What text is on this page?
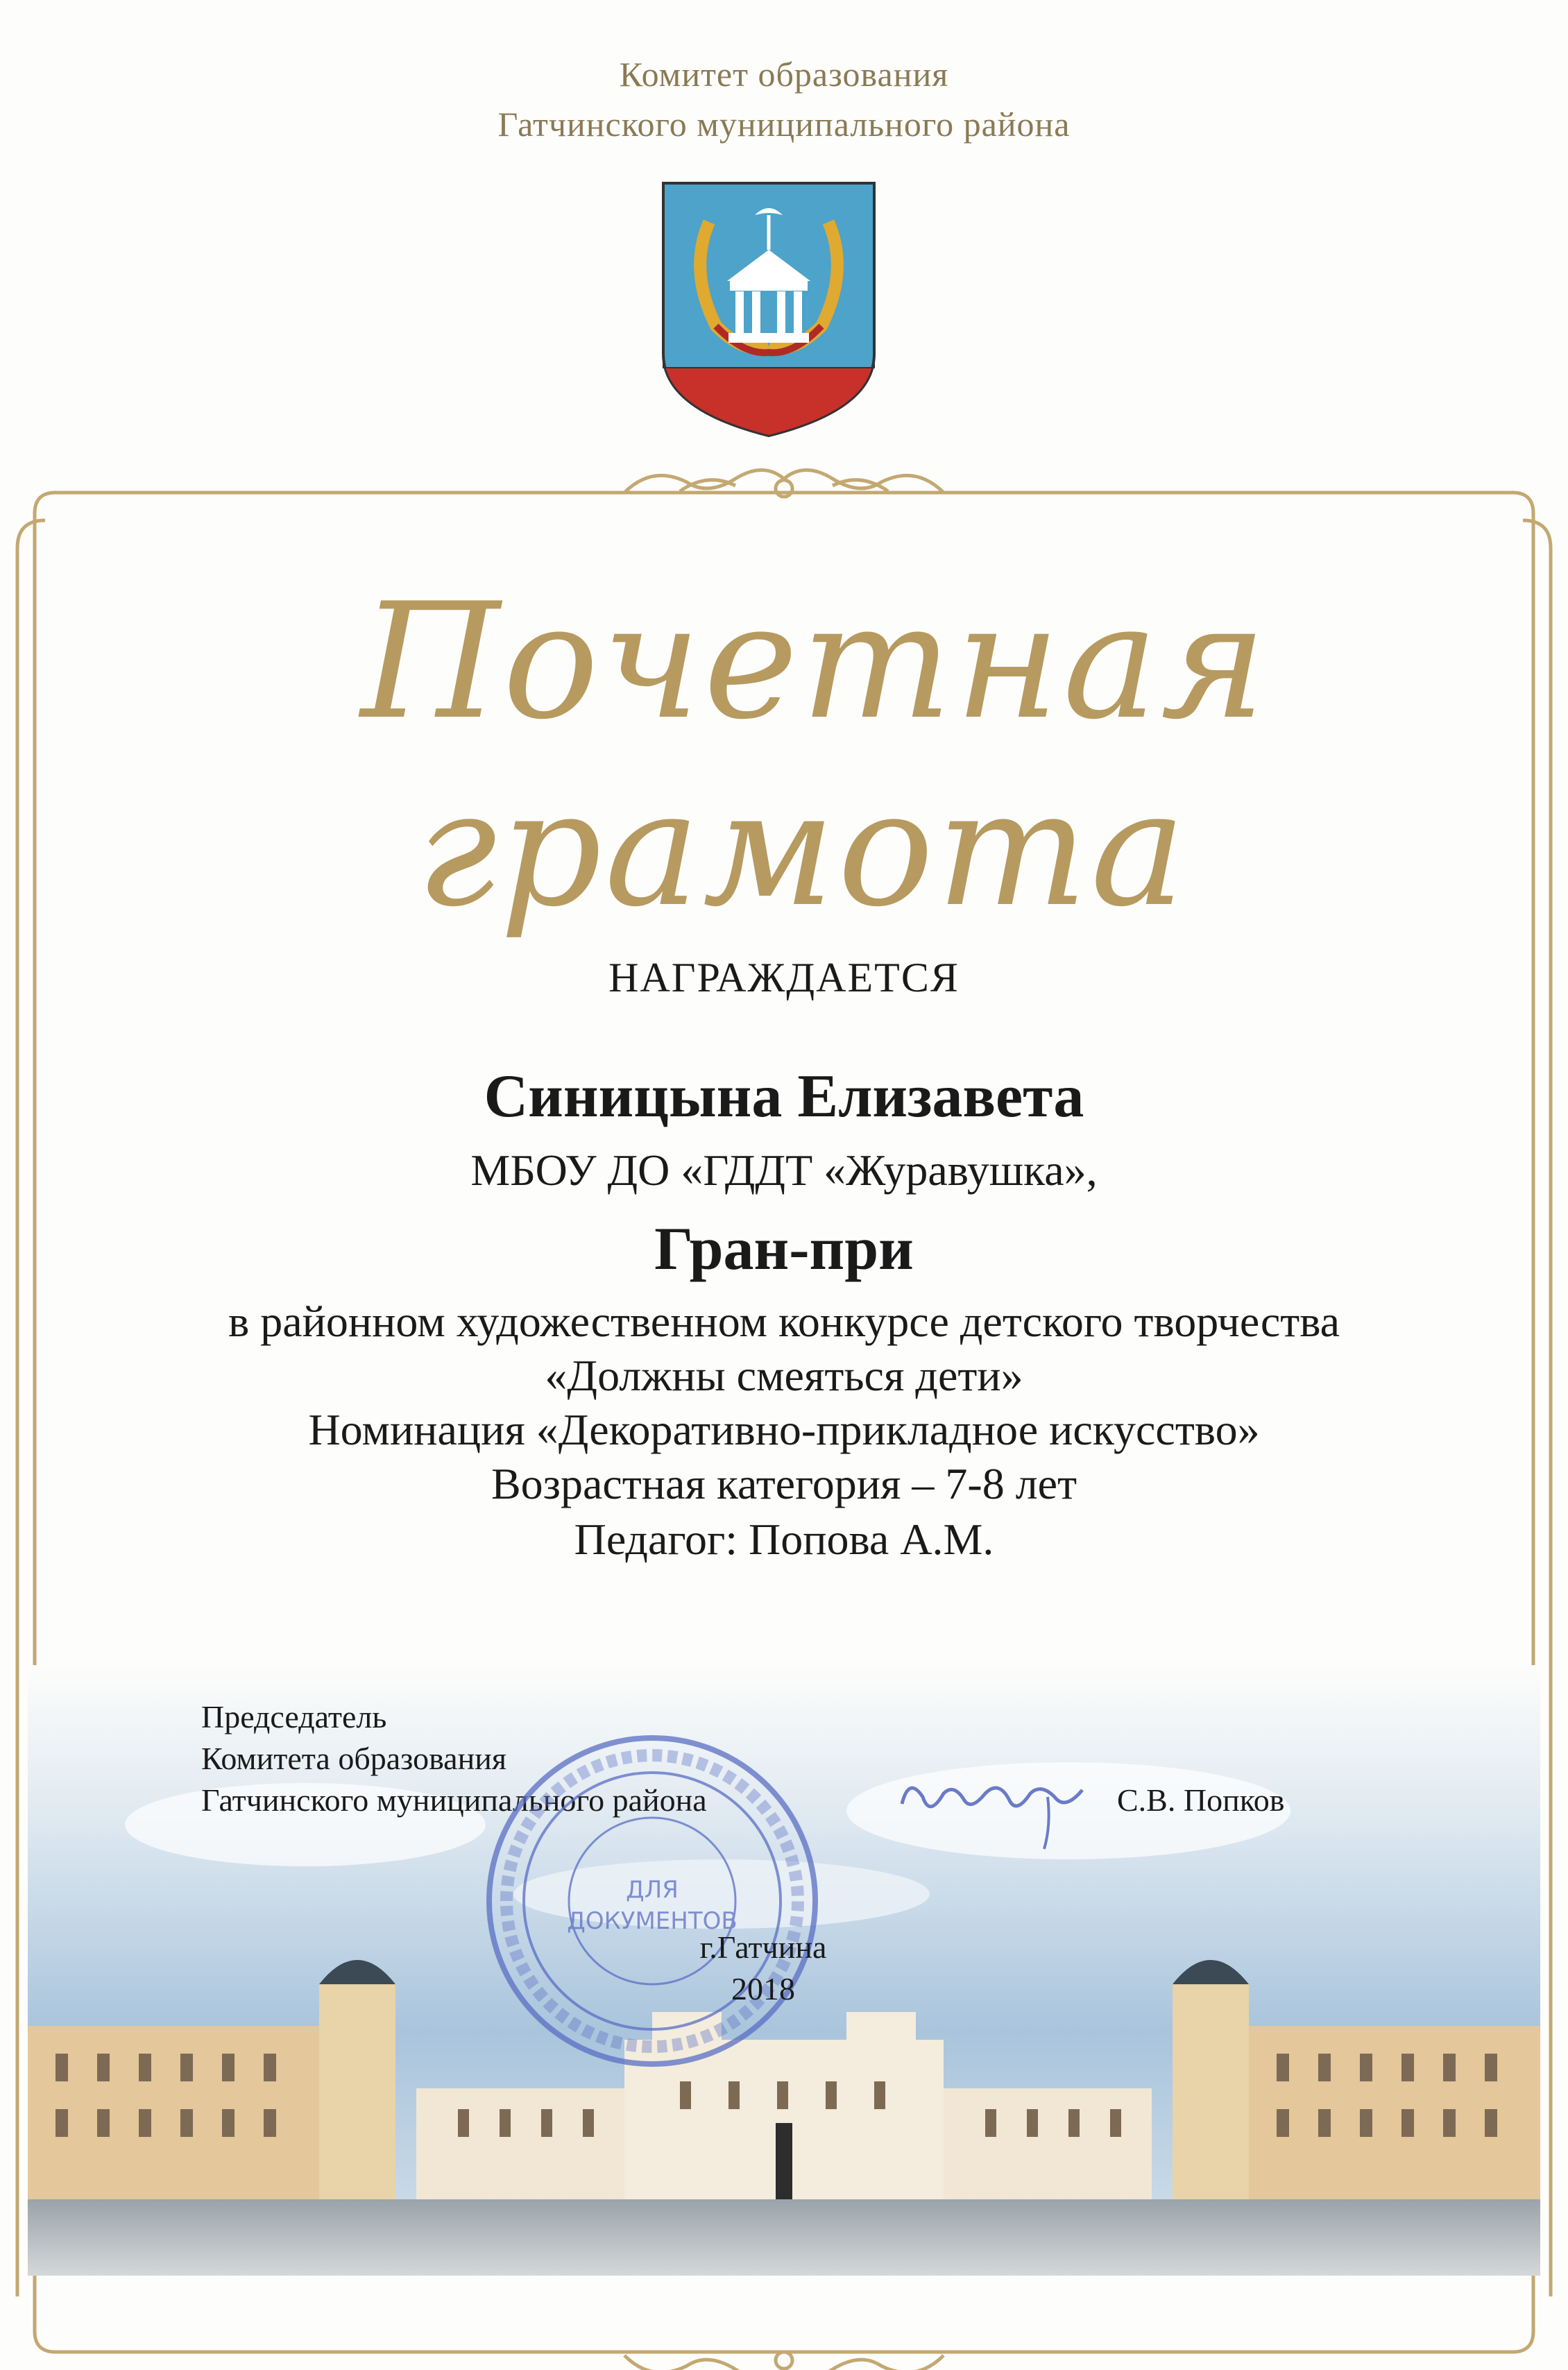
Комитет образования
Гатчинского муниципального района
Почетная
грамота
НАГРАЖДАЕТСЯ
Синицына Елизавета
МБОУ ДО «ГДДТ «Журавушка»,
Гран-при
в районном художественном конкурсе детского творчества
«Должны смеяться дети»
Номинация «Декоративно-прикладное искусство»
Возрастная категория – 7-8 лет
Педагог: Попова А.М.
Председатель
Комитета образования
Гатчинского муниципального района	С.В. Попков
ДЛЯ
ДОКУМЕНТОВ
г.Гатчина
2018
